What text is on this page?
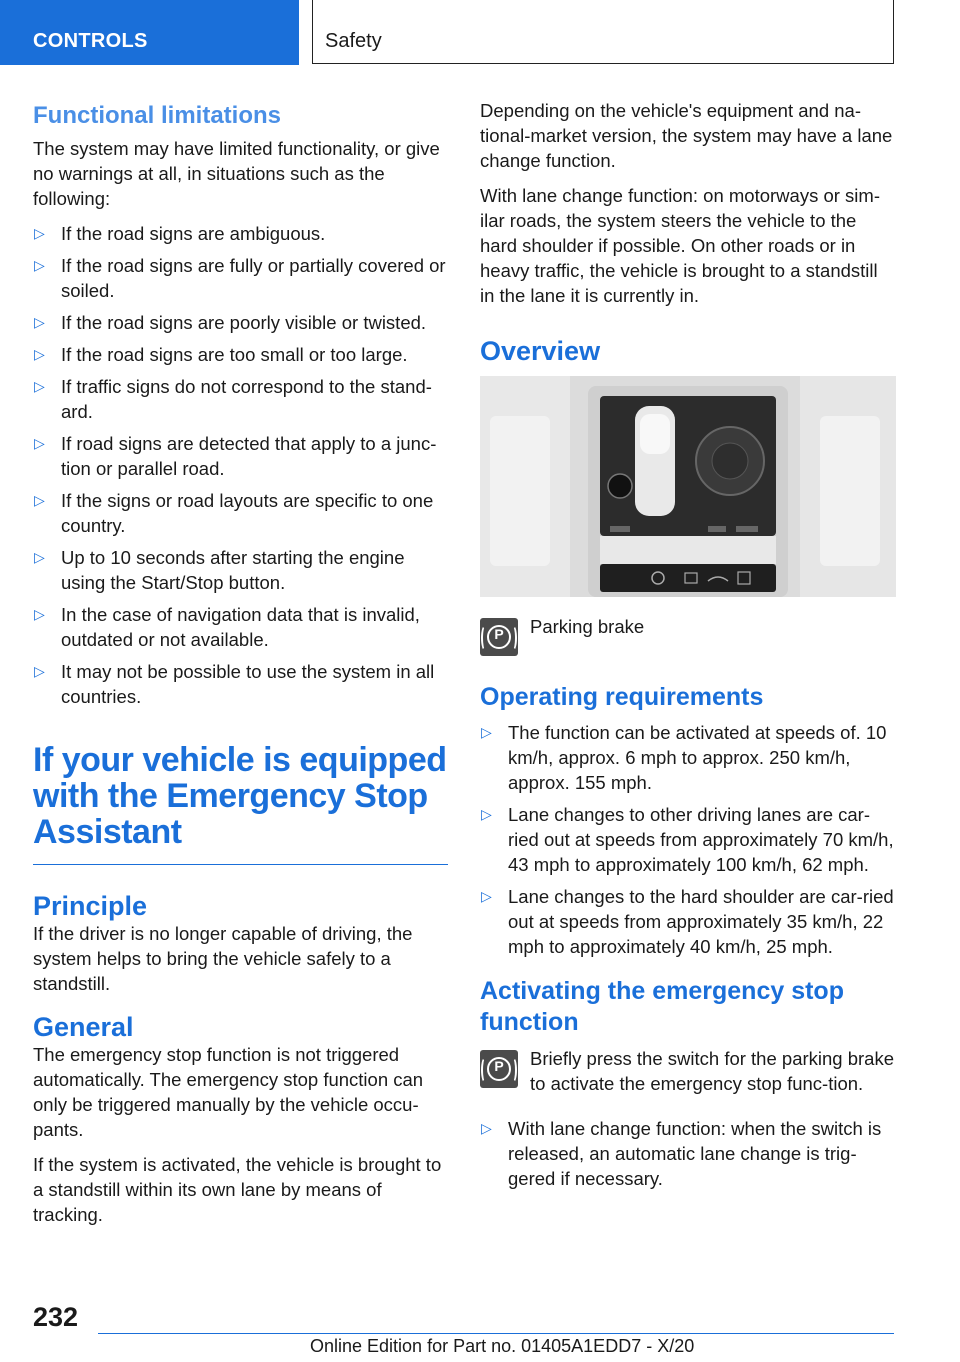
CONTROLS	Safety
Functional limitations

The system may have limited functionality, or give no warnings at all, in situations such as the following:

▷ If the road signs are ambiguous.
▷ If the road signs are fully or partially covered or soiled.
▷ If the road signs are poorly visible or twisted.
▷ If the road signs are too small or too large.
▷ If traffic signs do not correspond to the stand‐ard.
▷ If road signs are detected that apply to a junc‐tion or parallel road.
▷ If the signs or road layouts are specific to one country.
▷ Up to 10 seconds after starting the engine using the Start/Stop button.
▷ In the case of navigation data that is invalid, outdated or not available.
▷ It may not be possible to use the system in all countries.
If your vehicle is equipped with the Emergency Stop Assistant
Principle

If the driver is no longer capable of driving, the system helps to bring the vehicle safely to a standstill.

General

The emergency stop function is not triggered automatically. The emergency stop function can only be triggered manually by the vehicle occu‐pants.

If the system is activated, the vehicle is brought to a standstill within its own lane by means of tracking.

Depending on the vehicle's equipment and na‐tional-market version, the system may have a lane change function.

With lane change function: on motorways or sim‐ilar roads, the system steers the vehicle to the hard shoulder if possible. On other roads or in heavy traffic, the vehicle is brought to a standstill in the lane it is currently in.

Overview
P	Parking brake
Operating requirements
▷ The function can be activated at speeds of. 10 km/h, approx. 6 mph to approx. 250 km/h, approx. 155 mph.
▷ Lane changes to other driving lanes are car‐ried out at speeds from approximately 70 km/h, 43 mph to approximately 100 km/h, 62 mph.
▷ Lane changes to the hard shoulder are car‐ried out at speeds from approximately 35 km/h, 22 mph to approximately 40 km/h, 25 mph.
Activating the emergency stop function
P	Briefly press the switch for the parking brake to activate the emergency stop func‐tion.

▷ With lane change function: when the switch is released, an automatic lane change is trig‐gered if necessary.
232
Online Edition for Part no. 01405A1EDD7 - X/20
